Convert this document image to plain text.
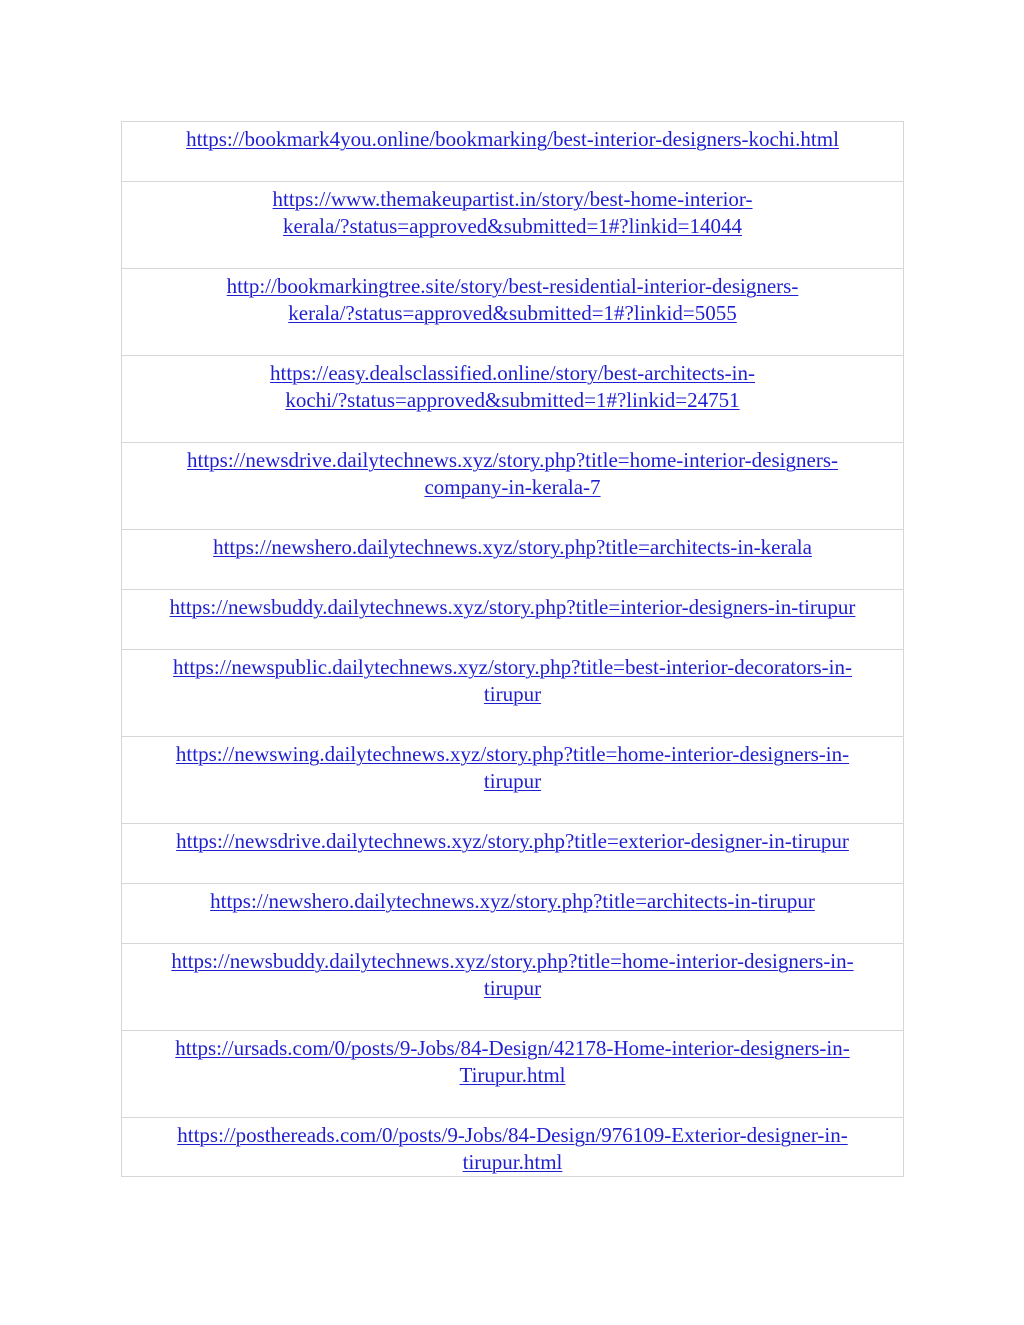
https://bookmark4you.online/bookmarking/best-interior-designers-kochi.html
https://www.themakeupartist.in/story/best-home-interior-
kerala/?status=approved&submitted=1#?linkid=14044
http://bookmarkingtree.site/story/best-residential-interior-designers-
kerala/?status=approved&submitted=1#?linkid=5055
https://easy.dealsclassified.online/story/best-architects-in-
kochi/?status=approved&submitted=1#?linkid=24751
https://newsdrive.dailytechnews.xyz/story.php?title=home-interior-designers-
company-in-kerala-7
https://newshero.dailytechnews.xyz/story.php?title=architects-in-kerala
https://newsbuddy.dailytechnews.xyz/story.php?title=interior-designers-in-tirupur
https://newspublic.dailytechnews.xyz/story.php?title=best-interior-decorators-in-
tirupur
https://newswing.dailytechnews.xyz/story.php?title=home-interior-designers-in-
tirupur
https://newsdrive.dailytechnews.xyz/story.php?title=exterior-designer-in-tirupur
https://newshero.dailytechnews.xyz/story.php?title=architects-in-tirupur
https://newsbuddy.dailytechnews.xyz/story.php?title=home-interior-designers-in-
tirupur
https://ursads.com/0/posts/9-Jobs/84-Design/42178-Home-interior-designers-in-
Tirupur.html
https://posthereads.com/0/posts/9-Jobs/84-Design/976109-Exterior-designer-in-
tirupur.html
